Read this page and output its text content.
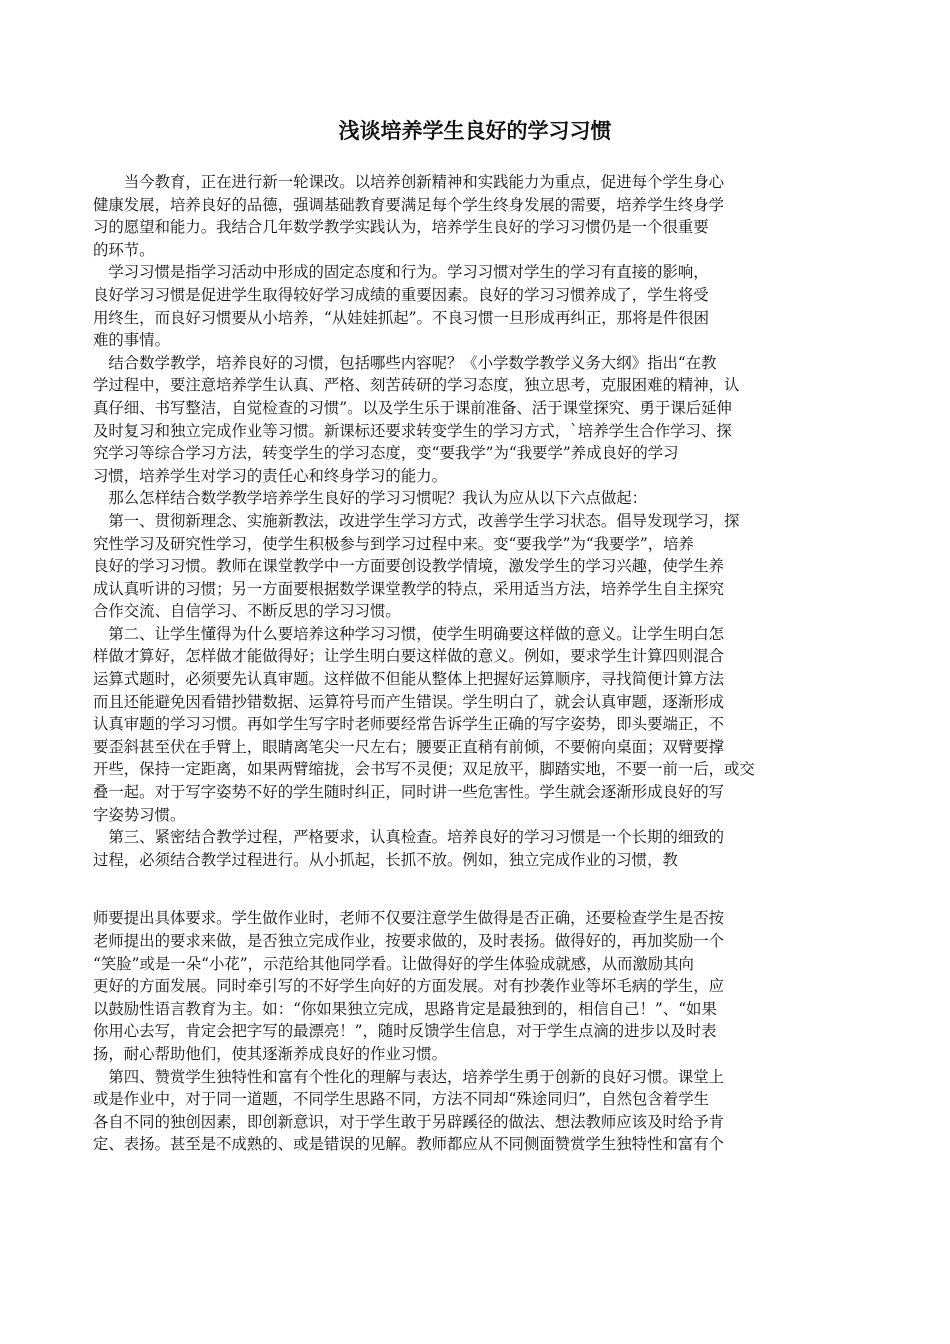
浅谈培养学生良好的学习习惯
　　当今教育，正在进行新一轮课改。以培养创新精神和实践能力为重点，促进每个学生身心
健康发展，培养良好的品德，强调基础教育要满足每个学生终身发展的需要，培养学生终身学
习的愿望和能力。我结合几年数学教学实践认为，培养学生良好的学习习惯仍是一个很重要
的环节。
　学习习惯是指学习活动中形成的固定态度和行为。学习习惯对学生的学习有直接的影响，
良好学习习惯是促进学生取得较好学习成绩的重要因素。良好的学习习惯养成了，学生将受
用终生，而良好习惯要从小培养，“从娃娃抓起”。不良习惯一旦形成再纠正，那将是件很困
难的事情。
　结合数学教学，培养良好的习惯，包括哪些内容呢？《小学数学教学义务大纲》指出“在教
学过程中，要注意培养学生认真、严格、刻苦砖研的学习态度，独立思考，克服困难的精神，认
真仔细、书写整洁，自觉检查的习惯”。以及学生乐于课前准备、活于课堂探究、勇于课后延伸
及时复习和独立完成作业等习惯。新课标还要求转变学生的学习方式，`培养学生合作学习、探
究学习等综合学习方法，转变学生的学习态度，变“要我学”为“我要学”养成良好的学习
习惯，培养学生对学习的责任心和终身学习的能力。
　那么怎样结合数学教学培养学生良好的学习习惯呢？我认为应从以下六点做起：
　第一、贯彻新理念、实施新教法，改进学生学习方式，改善学生学习状态。倡导发现学习，探
究性学习及研究性学习，使学生积极参与到学习过程中来。变“要我学”为“我要学”，培养
良好的学习习惯。教师在课堂教学中一方面要创设教学情境，激发学生的学习兴趣，使学生养
成认真听讲的习惯；另一方面要根据数学课堂教学的特点，采用适当方法，培养学生自主探究
合作交流、自信学习、不断反思的学习习惯。
　第二、让学生懂得为什么要培养这种学习习惯，使学生明确要这样做的意义。让学生明白怎
样做才算好，怎样做才能做得好；让学生明白要这样做的意义。例如，要求学生计算四则混合
运算式题时，必须要先认真审题。这样做不但能从整体上把握好运算顺序，寻找简便计算方法
而且还能避免因看错抄错数据、运算符号而产生错误。学生明白了，就会认真审题，逐渐形成
认真审题的学习习惯。再如学生写字时老师要经常告诉学生正确的写字姿势，即头要端正，不
要歪斜甚至伏在手臂上，眼睛离笔尖一尺左右；腰要正直稍有前倾，不要俯向桌面；双臂要撑
开些，保持一定距离，如果两臂缩拢，会书写不灵便；双足放平，脚踏实地，不要一前一后，或交
叠一起。对于写字姿势不好的学生随时纠正，同时讲一些危害性。学生就会逐渐形成良好的写
字姿势习惯。
　第三、紧密结合教学过程，严格要求，认真检查。培养良好的学习习惯是一个长期的细致的
过程，必须结合教学过程进行。从小抓起，长抓不放。例如，独立完成作业的习惯，教
师要提出具体要求。学生做作业时，老师不仅要注意学生做得是否正确，还要检查学生是否按
老师提出的要求来做，是否独立完成作业，按要求做的，及时表扬。做得好的，再加奖励一个
“笑脸”或是一朵“小花”，示范给其他同学看。让做得好的学生体验成就感，从而激励其向
更好的方面发展。同时牵引写的不好学生向好的方面发展。对有抄袭作业等坏毛病的学生，应
以鼓励性语言教育为主。如：“你如果独立完成，思路肯定是最独到的，相信自己！”、“如果
你用心去写，肯定会把字写的最漂亮！”，随时反馈学生信息，对于学生点滴的进步以及时表
扬，耐心帮助他们，使其逐渐养成良好的作业习惯。
　第四、赞赏学生独特性和富有个性化的理解与表达，培养学生勇于创新的良好习惯。课堂上
或是作业中，对于同一道题，不同学生思路不同，方法不同却“殊途同归”，自然包含着学生
各自不同的独创因素，即创新意识，对于学生敢于另辟蹊径的做法、想法教师应该及时给予肯
定、表扬。甚至是不成熟的、或是错误的见解。教师都应从不同侧面赞赏学生独特性和富有个
